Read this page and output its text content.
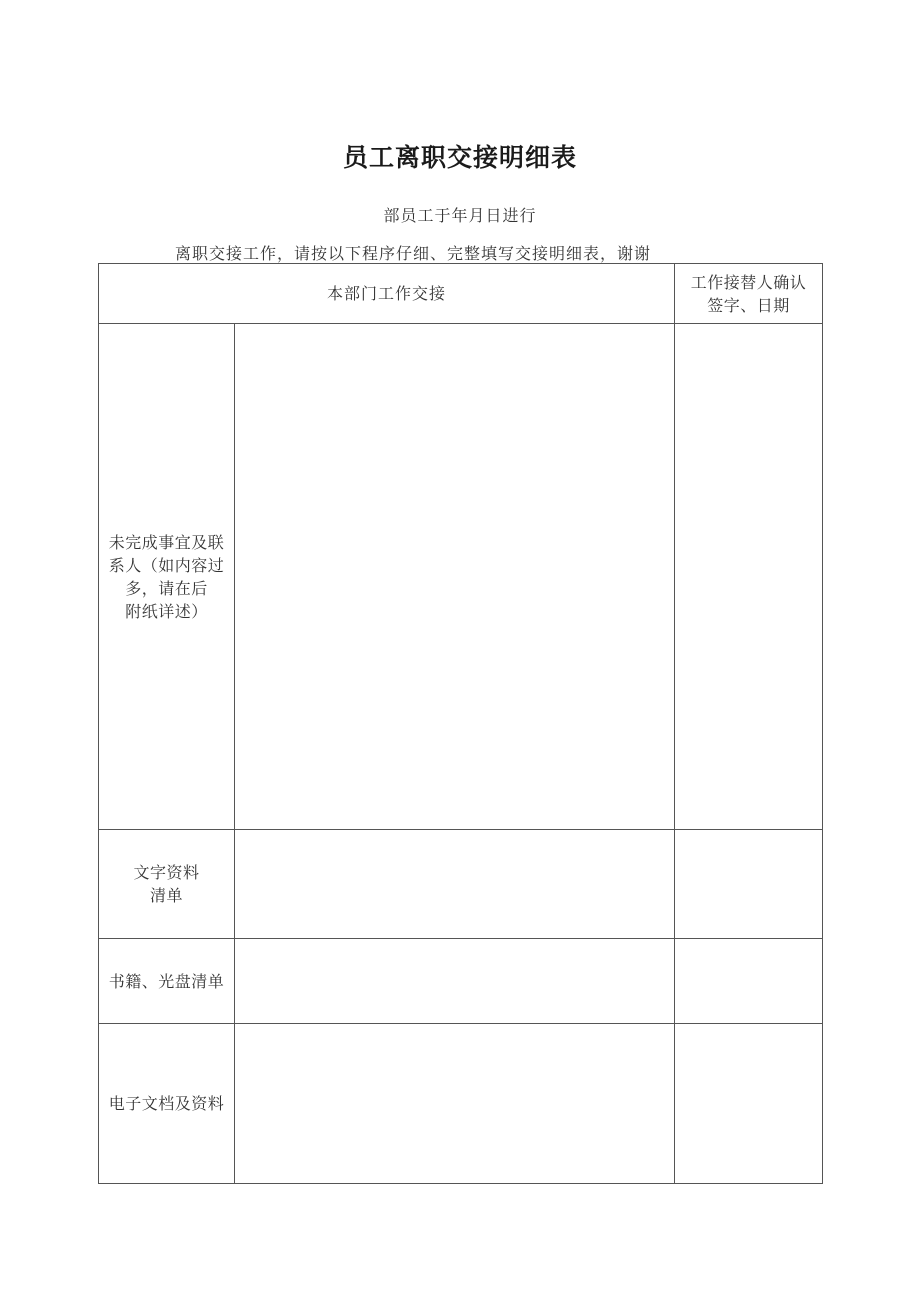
员工离职交接明细表
部员工于年月日进行
离职交接工作，请按以下程序仔细、完整填写交接明细表，谢谢
本部门工作交接		工作接替人确认
签字、日期

未完成事宜及联
系人（如内容过
多，请在后
附纸详述）		

文字资料
清单		

书籍、光盘清单		

电子文档及资料		
